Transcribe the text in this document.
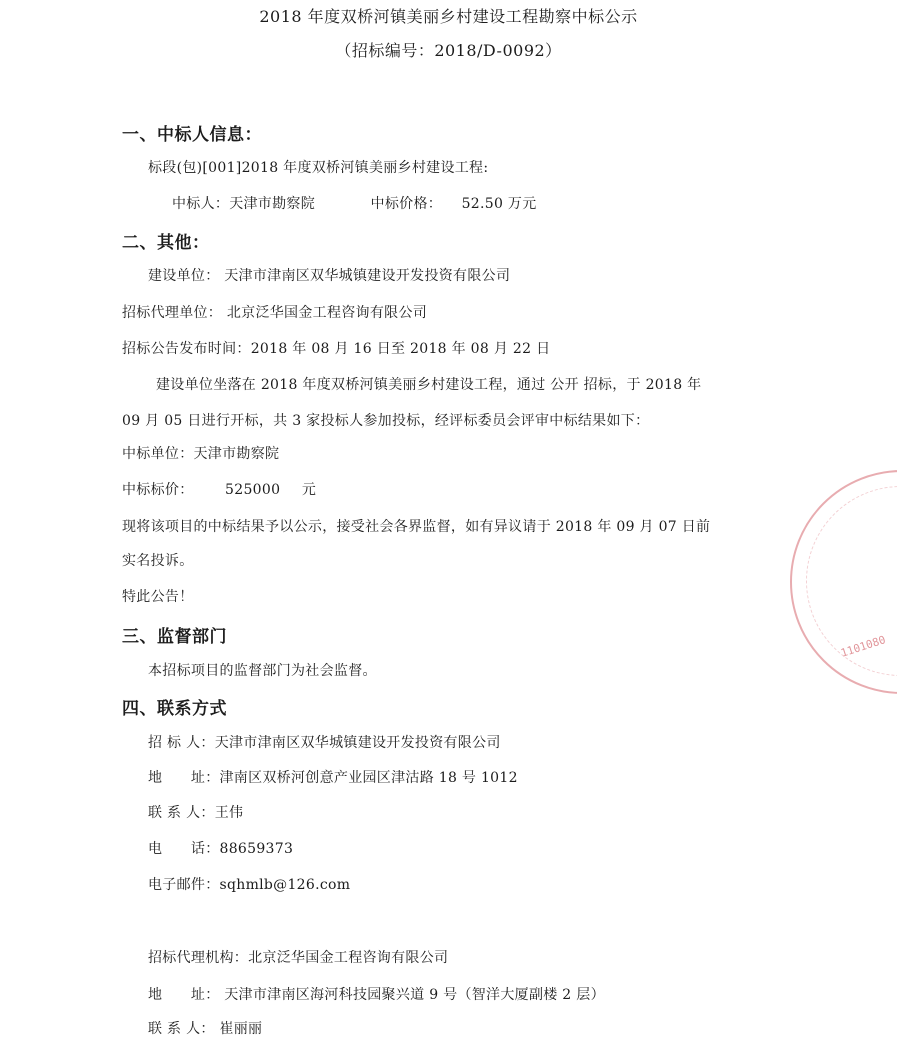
2018 年度双桥河镇美丽乡村建设工程勘察中标公示
（招标编号：2018/D-0092）
一、中标人信息：
标段(包)[001]2018 年度双桥河镇美丽乡村建设工程:
中标人：天津市勘察院	中标价格： 52.50 万元
二、其他：
建设单位： 天津市津南区双华城镇建设开发投资有限公司
招标代理单位： 北京泛华国金工程咨询有限公司
招标公告发布时间：2018 年 08 月 16 日至 2018 年 08 月 22 日
建设单位坐落在 2018 年度双桥河镇美丽乡村建设工程，通过 公开 招标，于 2018 年
09 月 05 日进行开标，共 3 家投标人参加投标，经评标委员会评审中标结果如下：
中标单位：天津市勘察院
中标标价： 525000 元
现将该项目的中标结果予以公示，接受社会各界监督，如有异议请于 2018 年 09 月 07 日前
实名投诉。
特此公告！
三、监督部门
本招标项目的监督部门为社会监督。
四、联系方式
招 标 人：天津市津南区双华城镇建设开发投资有限公司
地　　址：津南区双桥河创意产业园区津沽路 18 号 1012
联 系 人：王伟
电　　话：88659373
电子邮件：sqhmlb@126.com
招标代理机构：北京泛华国金工程咨询有限公司
地　　址： 天津市津南区海河科技园聚兴道 9 号（智洋大厦副楼 2 层）
联 系 人： 崔丽丽
1101080
